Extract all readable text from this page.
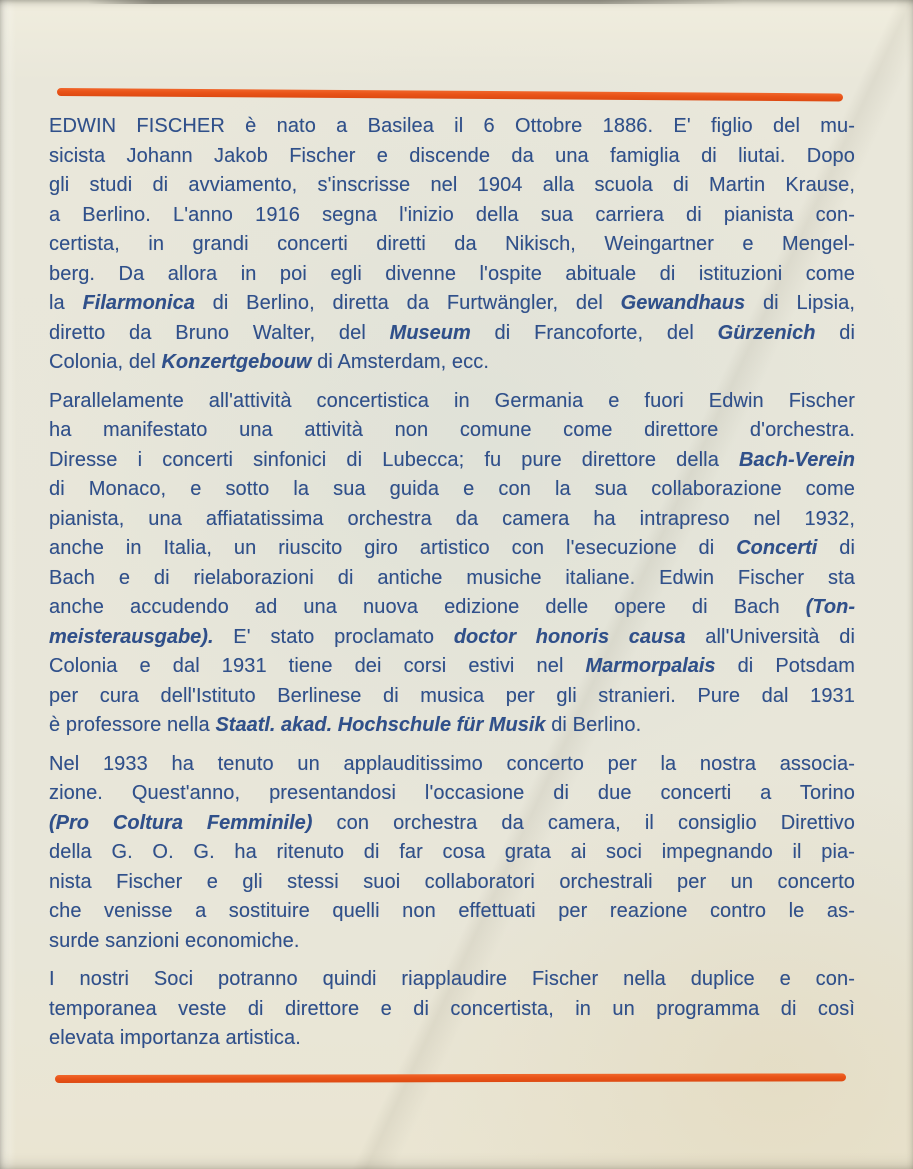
EDWIN FISCHER è nato a Basilea il 6 Ottobre 1886. E' figlio del mu-
sicista Johann Jakob Fischer e discende da una famiglia di liutai. Dopo
gli studi di avviamento, s'inscrisse nel 1904 alla scuola di Martin Krause,
a Berlino. L'anno 1916 segna l'inizio della sua carriera di pianista con-
certista, in grandi concerti diretti da Nikisch, Weingartner e Mengel-
berg. Da allora in poi egli divenne l'ospite abituale di istituzioni come
la Filarmonica di Berlino, diretta da Furtwängler, del Gewandhaus di Lipsia,
diretto da Bruno Walter, del Museum di Francoforte, del Gürzenich di
Colonia, del Konzertgebouw di Amsterdam, ecc.
Parallelamente all'attività concertistica in Germania e fuori Edwin Fischer
ha manifestato una attività non comune come direttore d'orchestra.
Diresse i concerti sinfonici di Lubecca; fu pure direttore della Bach-Verein
di Monaco, e sotto la sua guida e con la sua collaborazione come
pianista, una affiatatissima orchestra da camera ha intrapreso nel 1932,
anche in Italia, un riuscito giro artistico con l'esecuzione di Concerti di
Bach e di rielaborazioni di antiche musiche italiane. Edwin Fischer sta
anche accudendo ad una nuova edizione delle opere di Bach (Ton-
meisterausgabe). E' stato proclamato doctor honoris causa all'Università di
Colonia e dal 1931 tiene dei corsi estivi nel Marmorpalais di Potsdam
per cura dell'Istituto Berlinese di musica per gli stranieri. Pure dal 1931
è professore nella Staatl. akad. Hochschule für Musik di Berlino.
Nel 1933 ha tenuto un applauditissimo concerto per la nostra associa-
zione. Quest'anno, presentandosi l'occasione di due concerti a Torino
(Pro Coltura Femminile) con orchestra da camera, il consiglio Direttivo
della G. O. G. ha ritenuto di far cosa grata ai soci impegnando il pia-
nista Fischer e gli stessi suoi collaboratori orchestrali per un concerto
che venisse a sostituire quelli non effettuati per reazione contro le as-
surde sanzioni economiche.
I nostri Soci potranno quindi riapplaudire Fischer nella duplice e con-
temporanea veste di direttore e di concertista, in un programma di così
elevata importanza artistica.
